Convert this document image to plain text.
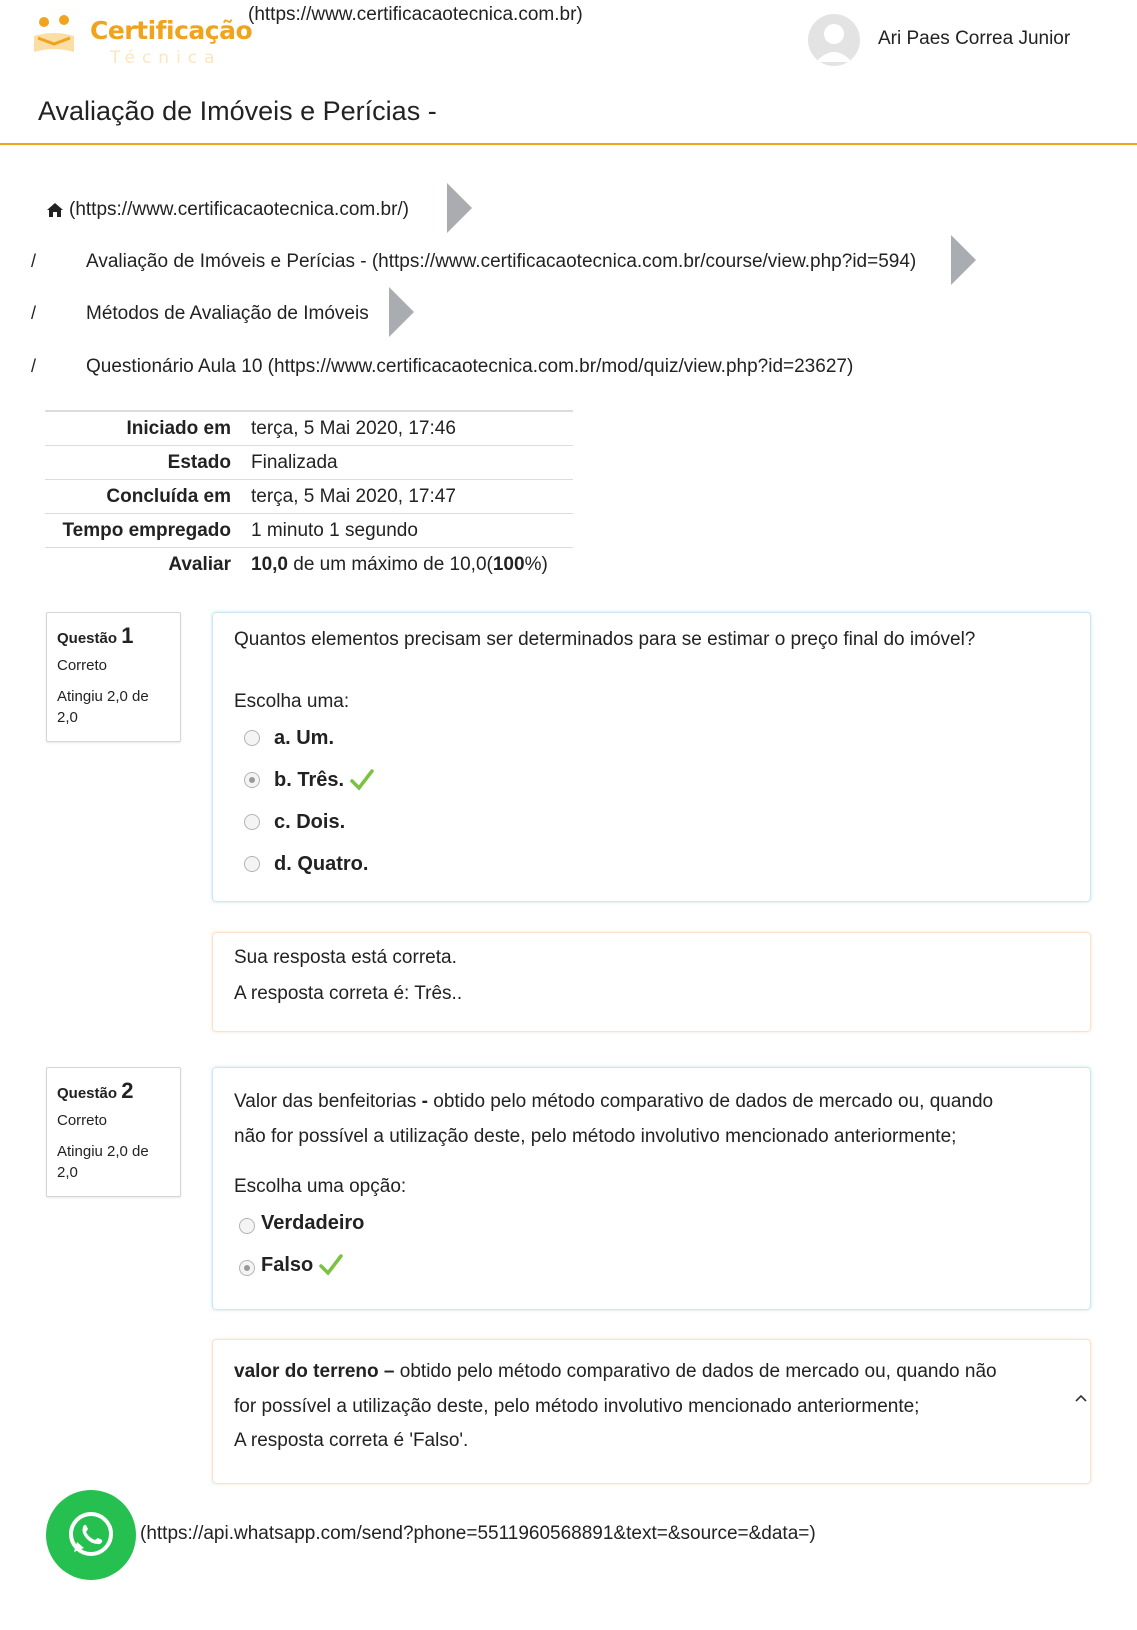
Certificação
Técnica
(https://www.certificacaotecnica.com.br)
Ari Paes Correa Junior
Avaliação de Imóveis e Perícias -
(https://www.certificacaotecnica.com.br/)
/	Avaliação de Imóveis e Perícias - (https://www.certificacaotecnica.com.br/course/view.php?id=594)
/	Métodos de Avaliação de Imóveis
/	Questionário Aula 10 (https://www.certificacaotecnica.com.br/mod/quiz/view.php?id=23627)
Iniciado em	terça, 5 Mai 2020, 17:46
Estado	Finalizada
Concluída em	terça, 5 Mai 2020, 17:47
Tempo empregado	1 minuto 1 segundo
Avaliar	10,0 de um máximo de 10,0(100%)
Questão 1
Correto
Atingiu 2,0 de 2,0
Quantos elementos precisam ser determinados para se estimar o preço final do imóvel?
Escolha uma:
a. Um.
b. Três.
c. Dois.
d. Quatro.
Sua resposta está correta.
A resposta correta é: Três..
Questão 2
Correto
Atingiu 2,0 de 2,0
Valor das benfeitorias - obtido pelo método comparativo de dados de mercado ou, quando
não for possível a utilização deste, pelo método involutivo mencionado anteriormente;
Escolha uma opção:
Verdadeiro
Falso
valor do terreno – obtido pelo método comparativo de dados de mercado ou, quando não
for possível a utilização deste, pelo método involutivo mencionado anteriormente;
A resposta correta é 'Falso'.
(https://api.whatsapp.com/send?phone=5511960568891&text=&source=&data=)
